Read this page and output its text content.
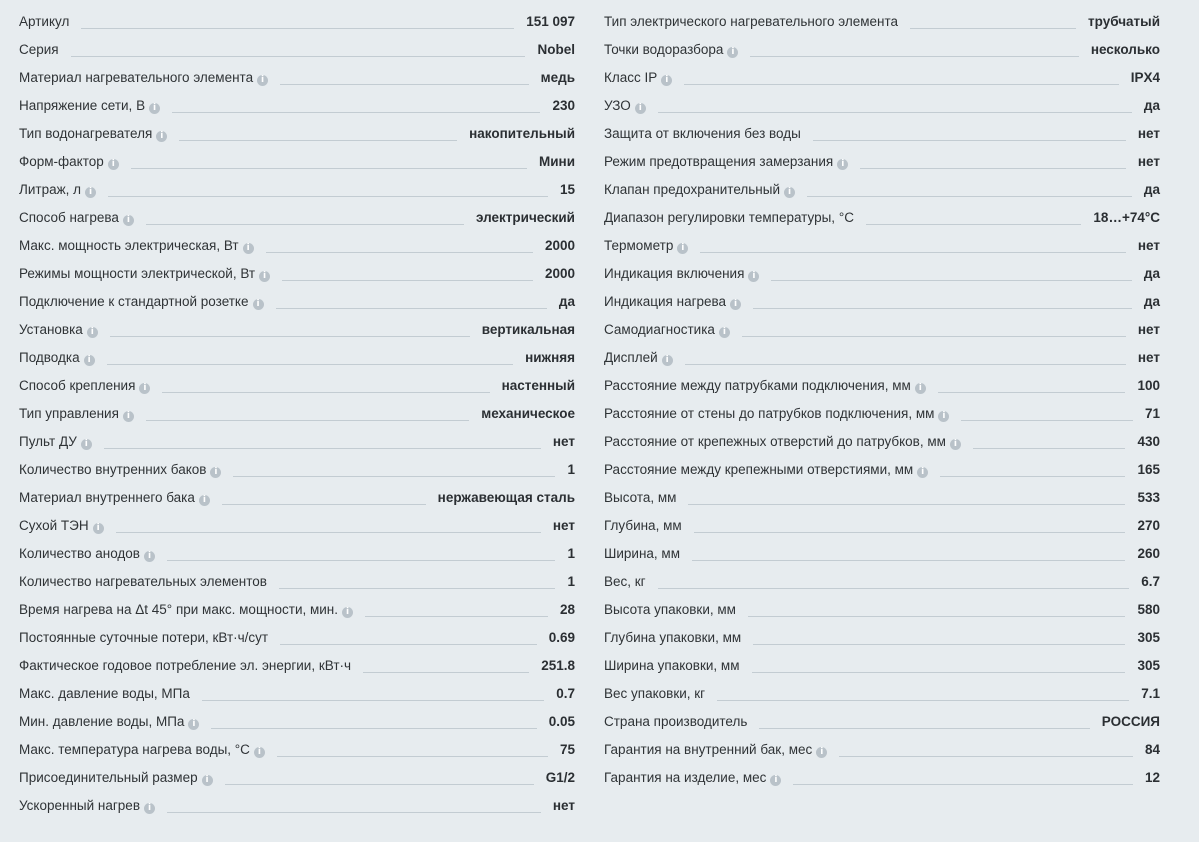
Артикул	151 097
Серия	Nobel
Материал нагревательного элемента i	медь
Напряжение сети, В i	230
Тип водонагревателя i	накопительный
Форм-фактор i	Мини
Литраж, л i	15
Способ нагрева i	электрический
Макс. мощность электрическая, Вт i	2000
Режимы мощности электрической, Вт i	2000
Подключение к стандартной розетке i	да
Установка i	вертикальная
Подводка i	нижняя
Способ крепления i	настенный
Тип управления i	механическое
Пульт ДУ i	нет
Количество внутренних баков i	1
Материал внутреннего бака i	нержавеющая сталь
Сухой ТЭН i	нет
Количество анодов i	1
Количество нагревательных элементов	1
Время нагрева на Δt 45° при макс. мощности, мин. i	28
Постоянные суточные потери, кВт·ч/сут	0.69
Фактическое годовое потребление эл. энергии, кВт·ч	251.8
Макс. давление воды, МПа	0.7
Мин. давление воды, МПа i	0.05
Макс. температура нагрева воды, °С i	75
Присоединительный размер i	G1/2
Ускоренный нагрев i	нет
Тип электрического нагревательного элемента	трубчатый
Точки водоразбора i	несколько
Класс IP i	IPX4
УЗО i	да
Защита от включения без воды	нет
Режим предотвращения замерзания i	нет
Клапан предохранительный i	да
Диапазон регулировки температуры, °С	18…+74°С
Термометр i	нет
Индикация включения i	да
Индикация нагрева i	да
Самодиагностика i	нет
Дисплей i	нет
Расстояние между патрубками подключения, мм i	100
Расстояние от стены до патрубков подключения, мм i	71
Расстояние от крепежных отверстий до патрубков, мм i	430
Расстояние между крепежными отверстиями, мм i	165
Высота, мм	533
Глубина, мм	270
Ширина, мм	260
Вес, кг	6.7
Высота упаковки, мм	580
Глубина упаковки, мм	305
Ширина упаковки, мм	305
Вес упаковки, кг	7.1
Страна производитель	РОССИЯ
Гарантия на внутренний бак, мес i	84
Гарантия на изделие, мес i	12
